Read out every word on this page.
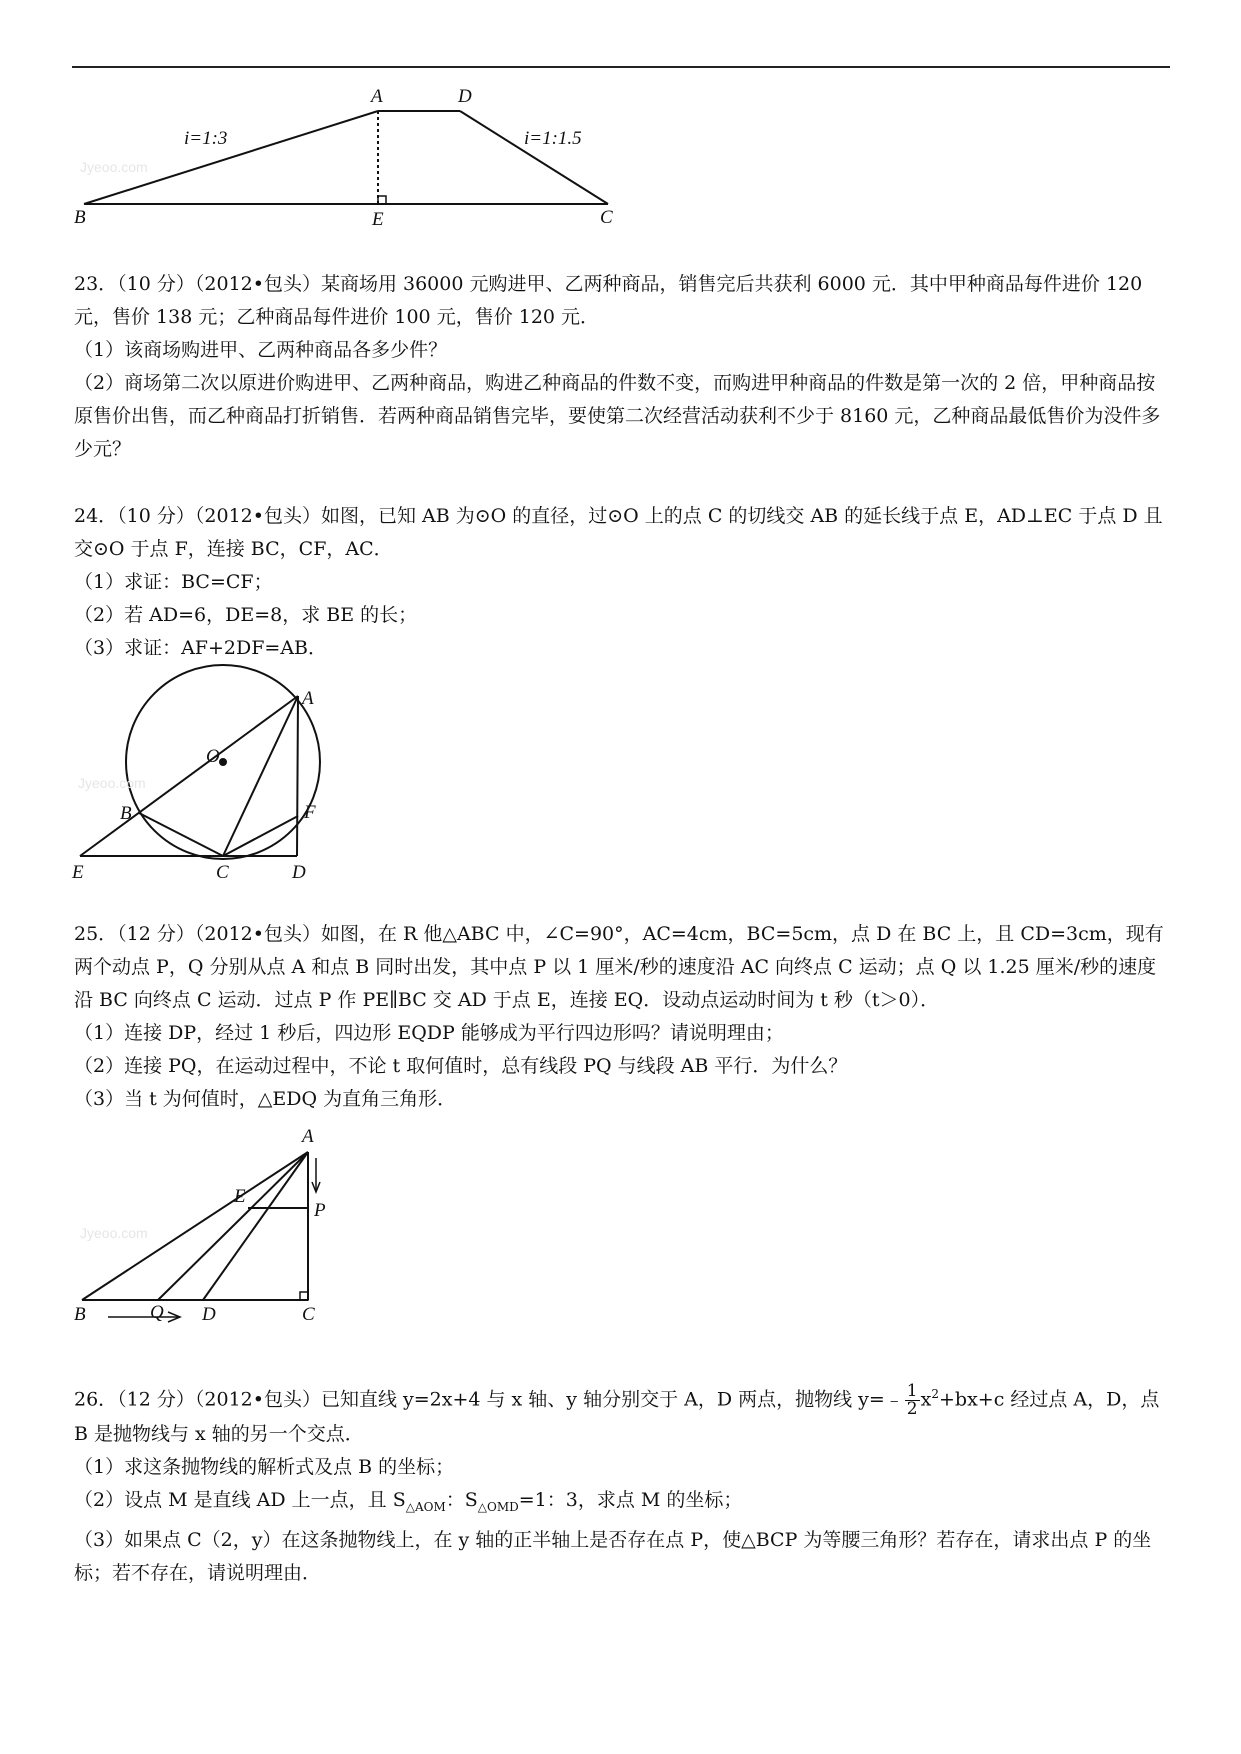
Jyeoo.com
A	D
B	E	C
i=1:3	i=1:1.5

23．（10 分）（2012•包头）某商场用 36000 元购进甲、乙两种商品，销售完后共获利 6000 元．其中甲种商品每件进价 120 元，售价 138 元；乙种商品每件进价 100 元，售价 120 元．

（1）该商场购进甲、乙两种商品各多少件？

（2）商场第二次以原进价购进甲、乙两种商品，购进乙种商品的件数不变，而购进甲种商品的件数是第一次的 2 倍，甲种商品按原售价出售，而乙种商品打折销售．若两种商品销售完毕，要使第二次经营活动获利不少于 8160 元，乙种商品最低售价为没件多少元？

24．（10 分）（2012•包头）如图，已知 AB 为⊙O 的直径，过⊙O 上的点 C 的切线交 AB 的延长线于点 E，AD⊥EC 于点 D 且交⊙O 于点 F，连接 BC，CF，AC．

（1）求证：BC=CF；

（2）若 AD=6，DE=8，求 BE 的长；

（3）求证：AF+2DF=AB．

Jyeoo.com
A
O
B	F
E	C	D

25．（12 分）（2012•包头）如图，在 R 他△ABC 中，∠C=90°，AC=4cm，BC=5cm，点 D 在 BC 上，且 CD=3cm，现有两个动点 P，Q 分别从点 A 和点 B 同时出发，其中点 P 以 1 厘米/秒的速度沿 AC 向终点 C 运动；点 Q 以 1.25 厘米/秒的速度沿 BC 向终点 C 运动．过点 P 作 PE∥BC 交 AD 于点 E，连接 EQ．设动点运动时间为 t 秒（t＞0）．

（1）连接 DP，经过 1 秒后，四边形 EQDP 能够成为平行四边形吗？请说明理由；

（2）连接 PQ，在运动过程中，不论 t 取何值时，总有线段 PQ 与线段 AB 平行．为什么？

（3）当 t 为何值时，△EDQ 为直角三角形．

Jyeoo.com
A
E
P
B	Q D	C

26．（12 分）（2012•包头）已知直线 y=2x+4 与 x 轴、y 轴分别交于 A，D 两点，抛物线 y=﹣ $\frac{1}{2} x^2+bx+c$ 经过点 A，D，点 B 是抛物线与 x 轴的另一个交点．

（1）求这条抛物线的解析式及点 B 的坐标；

（2）设点 M 是直线 AD 上一点，且 $S_{\triangle AOM}$：$S_{\triangle OMD}=1$：3，求点 M 的坐标；

（3）如果点 C（2，y）在这条抛物线上，在 y 轴的正半轴上是否存在点 P，使△BCP 为等腰三角形？若存在，请求出点 P 的坐标；若不存在，请说明理由．
